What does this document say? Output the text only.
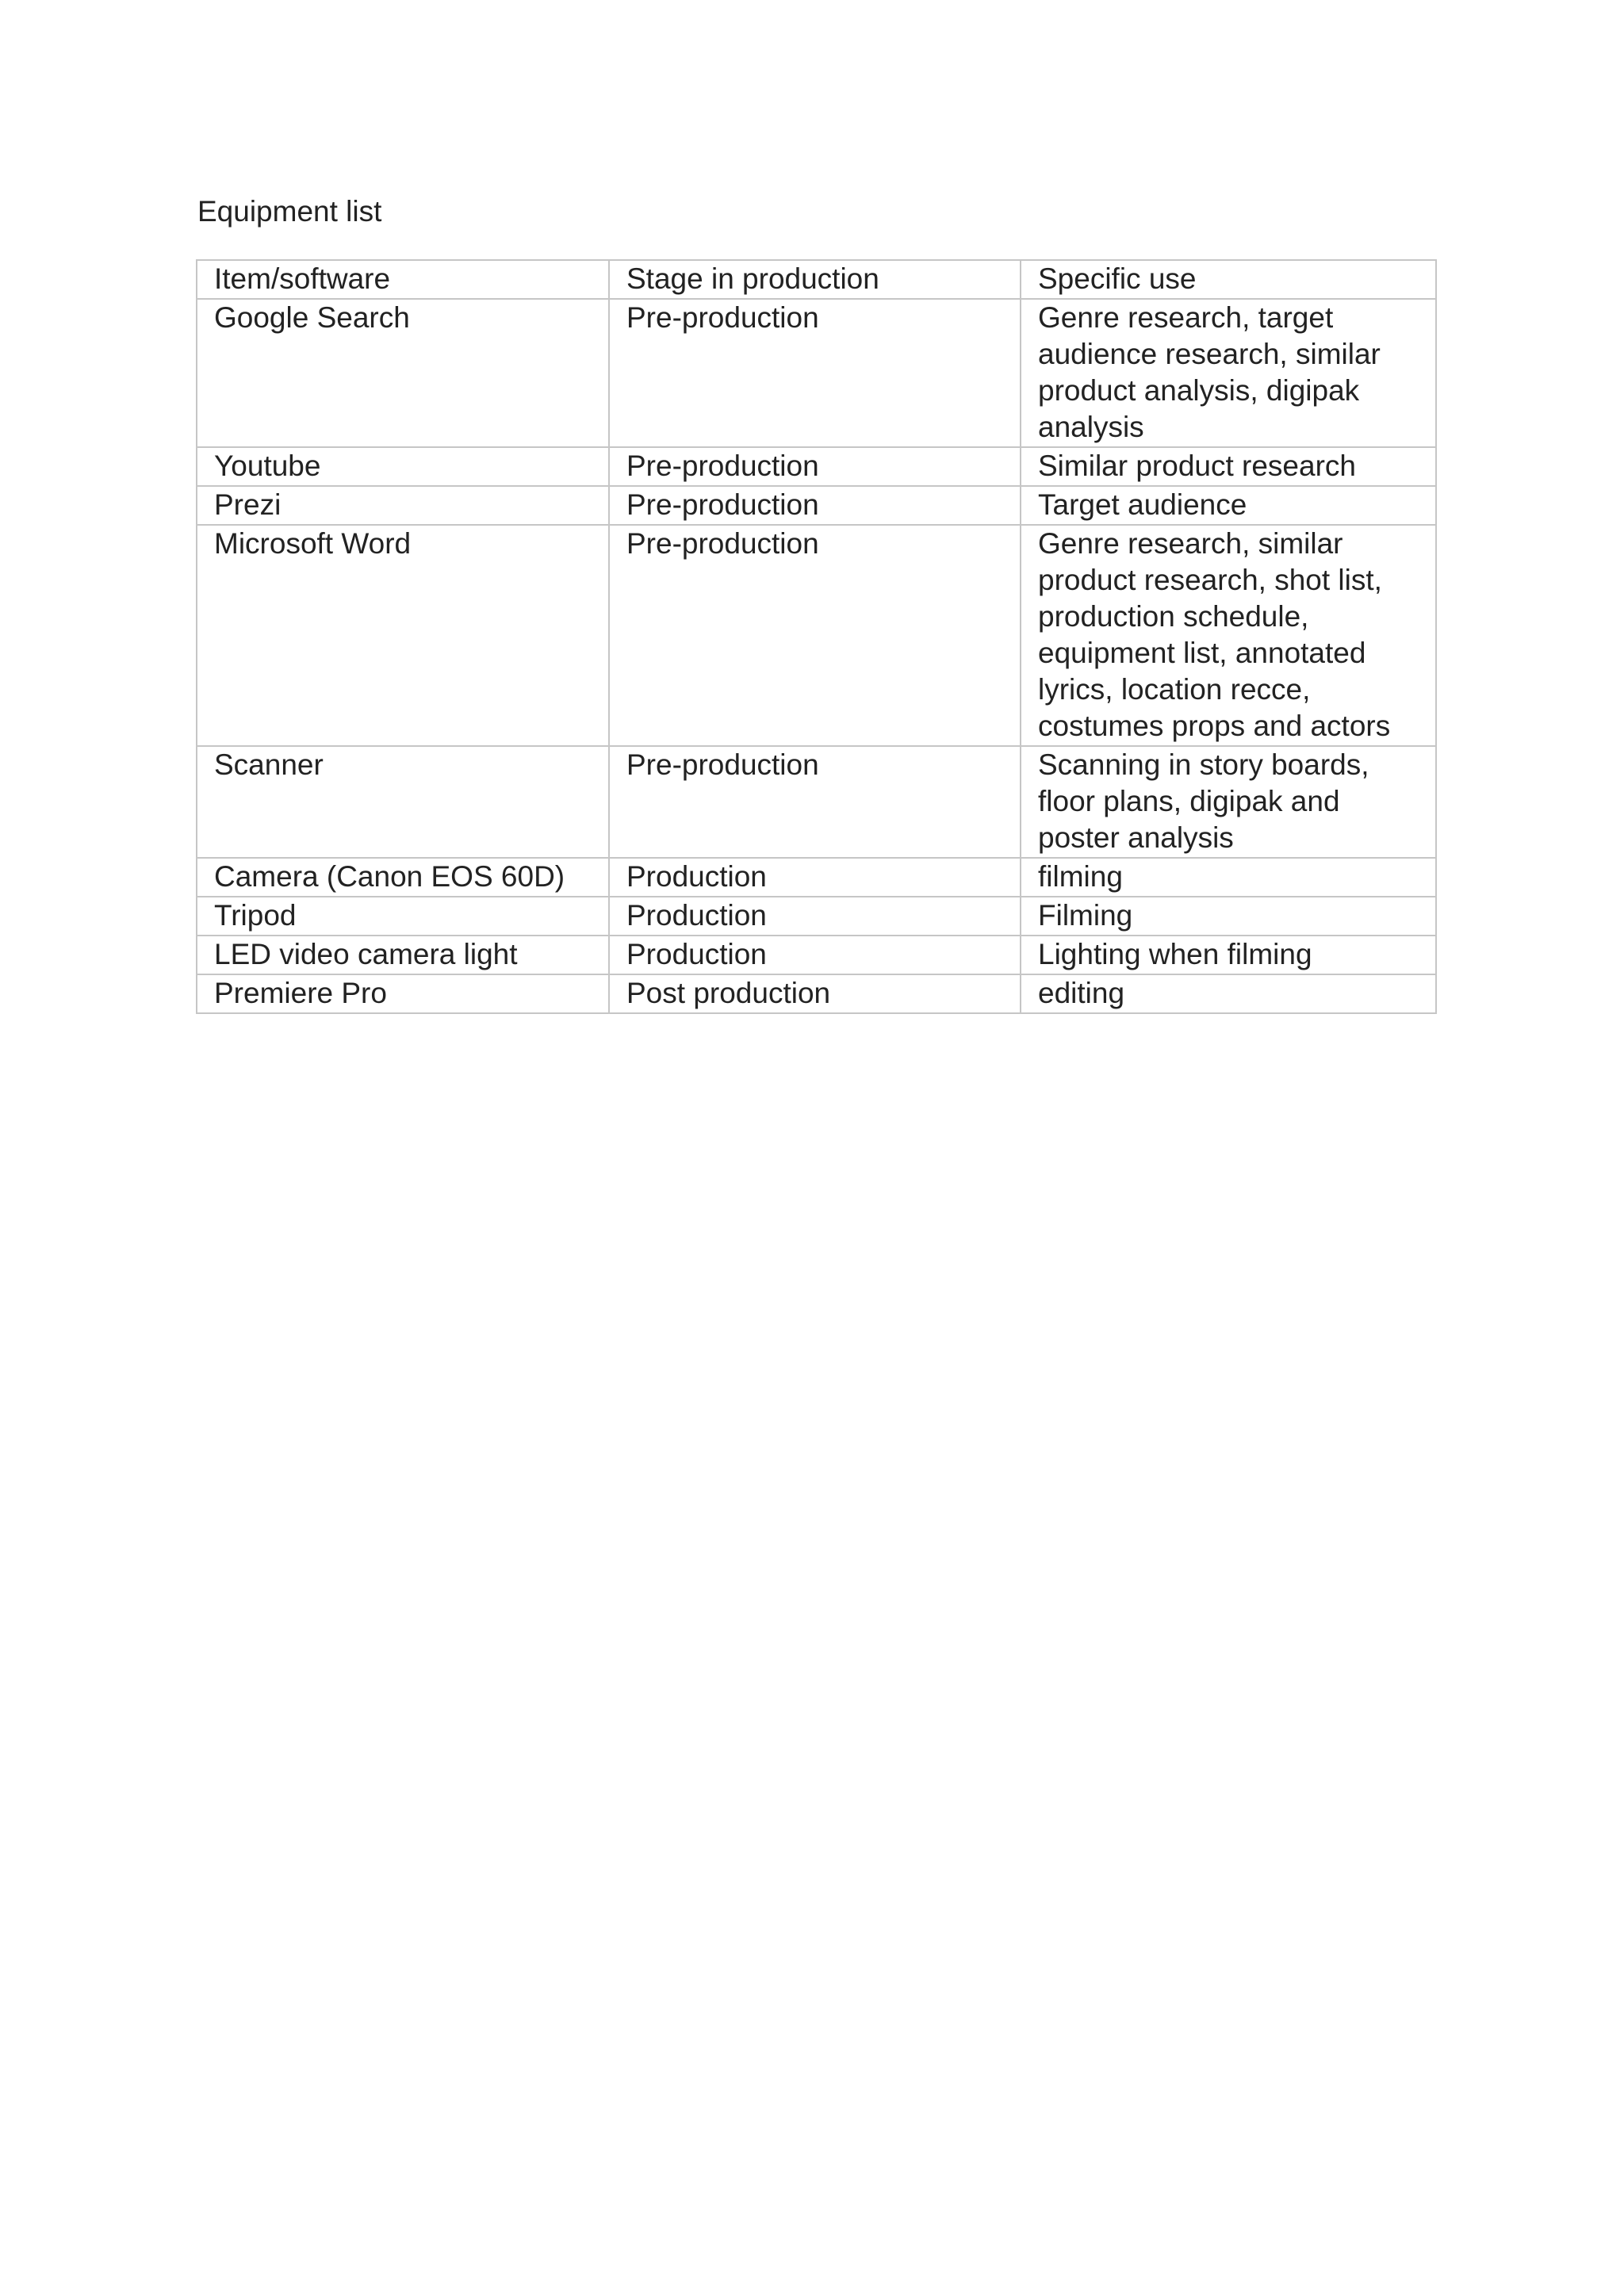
Equipment list
Item/software	Stage in production	Specific use
Google Search	Pre-production	Genre research, target audience research, similar product analysis, digipak analysis
Youtube	Pre-production	Similar product research
Prezi	Pre-production	Target audience
Microsoft Word	Pre-production	Genre research, similar product research, shot list, production schedule, equipment list, annotated lyrics, location recce, costumes props and actors
Scanner	Pre-production	Scanning in story boards, floor plans, digipak and poster analysis
Camera (Canon EOS 60D)	Production	filming
Tripod	Production	Filming
LED video camera light	Production	Lighting when filming
Premiere Pro	Post production	editing
